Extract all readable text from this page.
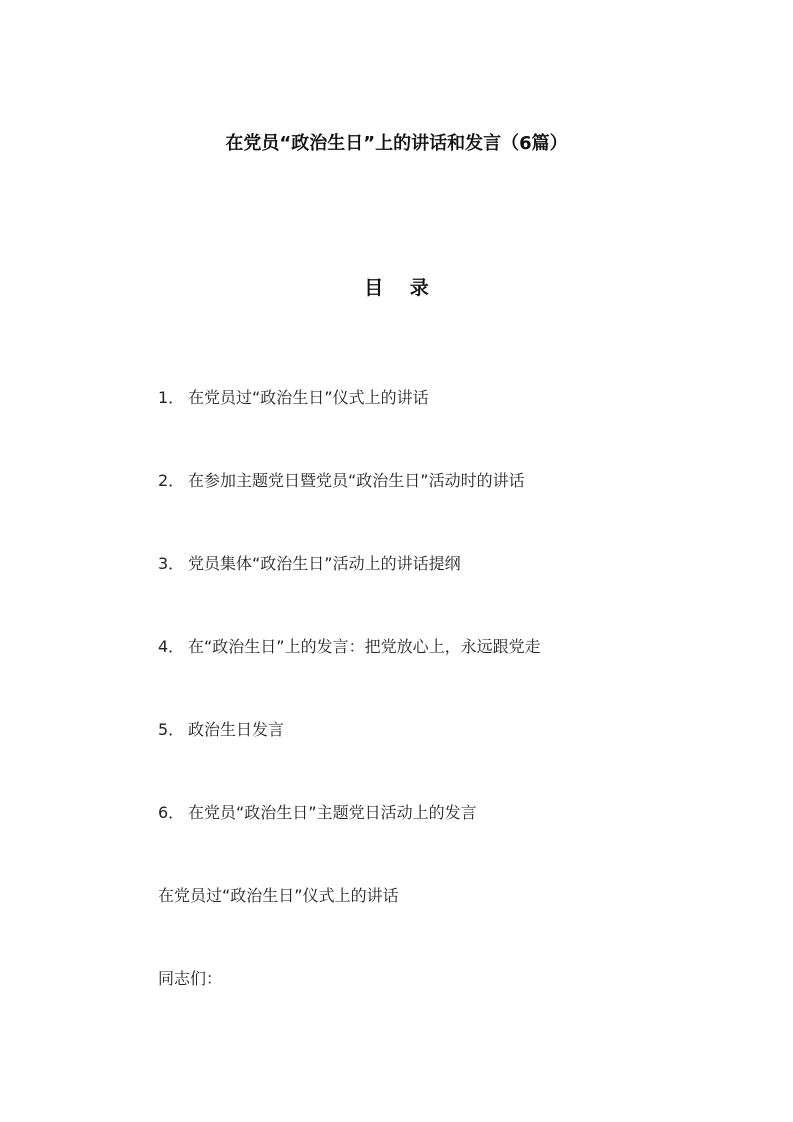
在党员“政治生日”上的讲话和发言（6篇）
目 录
1． 在党员过“政治生日”仪式上的讲话
2． 在参加主题党日暨党员“政治生日”活动时的讲话
3． 党员集体“政治生日”活动上的讲话提纲
4． 在“政治生日”上的发言：把党放心上，永远跟党走
5． 政治生日发言
6． 在党员“政治生日”主题党日活动上的发言
在党员过“政治生日”仪式上的讲话
同志们：
